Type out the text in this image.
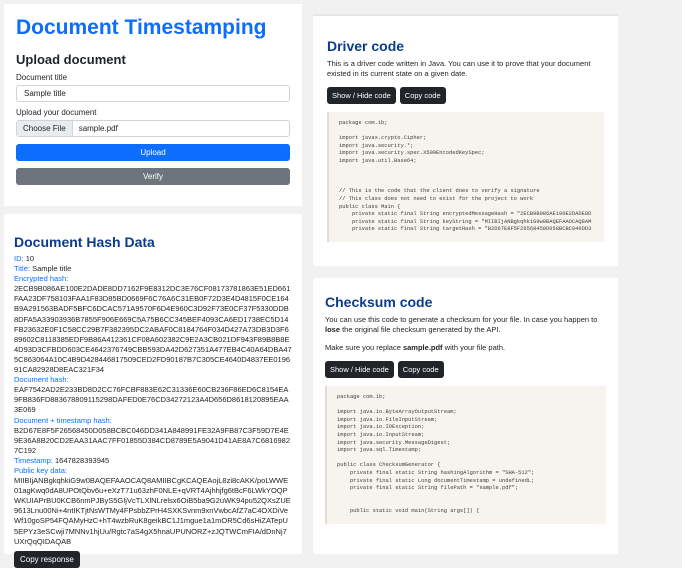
Document Timestamping
Upload document
Document title
Sample title
Upload your document
Choose File	sample.pdf
Upload
Verify
Document Hash Data
ID: 10
Title: Sample title
Encrypted hash:
2ECB9B086AE100E2DADE8DD7162F9E8312DC3E76CF08173781863E51ED661FAA23DF758103FAA1F83D85BD0669F6C76A6C31EB0F72D3E4D4815F0CE164B9A291563BADF5BFC6DCAC571A9570F6D4E960C3D92F73E0CF37F5330DDB8DFA5A33903936B7855F906E669C5A75B6CC345BEF4093CA6ED1738EC5D14FB23632E0F1C58CC29B7F382395DC2ABAF0C8184764F034D427A73DB3D3F689602C8118385EDF9B86A412361CF08A602382C9E2A3CB021DF943F89B8B8E4D93D3CFBDD603CE4642376749CBB593DA42D627351A477EB4C40A64DBA475C863064A10C4B9D428446817509CED2FD90187B7C305CE4640D4837EE019691CA82928D8EAC321F34
Document hash:
EAF7542AD2E233BD8D2CC76FCBF883E62C31336E60CB236F86ED6C8154EA9FB836FD883678809115298DAFED0E76CD34272123A4D656D8618120895EAA3E069
Document + timestamp hash:
B2D67E8F5F26568450D058BCBC046DD341A848991FE32A9FB87C3F59D7E4E9E36A8B20CD2EAA31AAC7FF01855D384CD8789E5A9041D41AE8A7C68169827C192
Timestamp: 1647828393945
Public key data:
MIIBIjANBgkqhkiG9w0BAQEFAAOCAQ8AMIIBCgKCAQEAojL8zi8cAKK/poLWWE01agKwq0dA8UPOtQbv6u+eXzT71u63zhF0NLE+qVRT4Ajhhjfg6tBcF6LWkYOQPWKUIAPrBU0KCB6nmPJByS5GIjVcTLXlNLrelsx6OiB5ba9G2uWK94pu52QXsZUE9613Lnu00Ni+4ntIKTjtNsWTMy4FPsbbZPrH4SXKSvnm9xnVwbcAfZ7aC4OXDiVeWf10goSP54FQAMyHzC+hT4wzbRuK8geikBC1J1mgue1a1mOR5Cd6sHiZATepU5EPYz3eSCwji7MNNv1hjUu/Rgtc7aS4gX5hnaUPUNORZ+zJQTWCmFIA/dDnNj7UXrQqQIDAQAB
Copy response
Driver code
This is a driver code written in Java. You can use it to prove that your document existed in its current state on a given date.
Show / Hide code	Copy code
package com.ib;

import javax.crypto.Cipher;
import java.security.*;
import java.security.spec.X509EncodedKeySpec;
import java.util.Base64;

// This is the code that the client does to verify a signature
// This class does not need to exist for the project to work
public class Main {
private static final String encryptedMessageHash = "2ECB9B086AE100E2DADE8D
private static final String keyString = "MIIBIjANBgkqhkiG9w0BAQEFAAOCAQ8AM
private static final String targetHash = "B2D67E8F5F26568450D058BCBC046DD3
Checksum code
You can use this code to generate a checksum for your file. In case you happen to lose the original file checksum generated by the API.
Make sure you replace sample.pdf with your file path.
Show / Hide code	Copy code
package com.ib;

import java.io.ByteArrayOutputStream;
import java.io.FileInputStream;
import java.io.IOException;
import java.io.InputStream;
import java.security.MessageDigest;
import java.sql.Timestamp;

public class ChecksumGenerator {
private final static String hashingAlgorithm = "SHA-512";
private final static Long documentTimestamp = undefinedL;
private final static String filePath = "sample.pdf";

public static void main(String args[]) {
